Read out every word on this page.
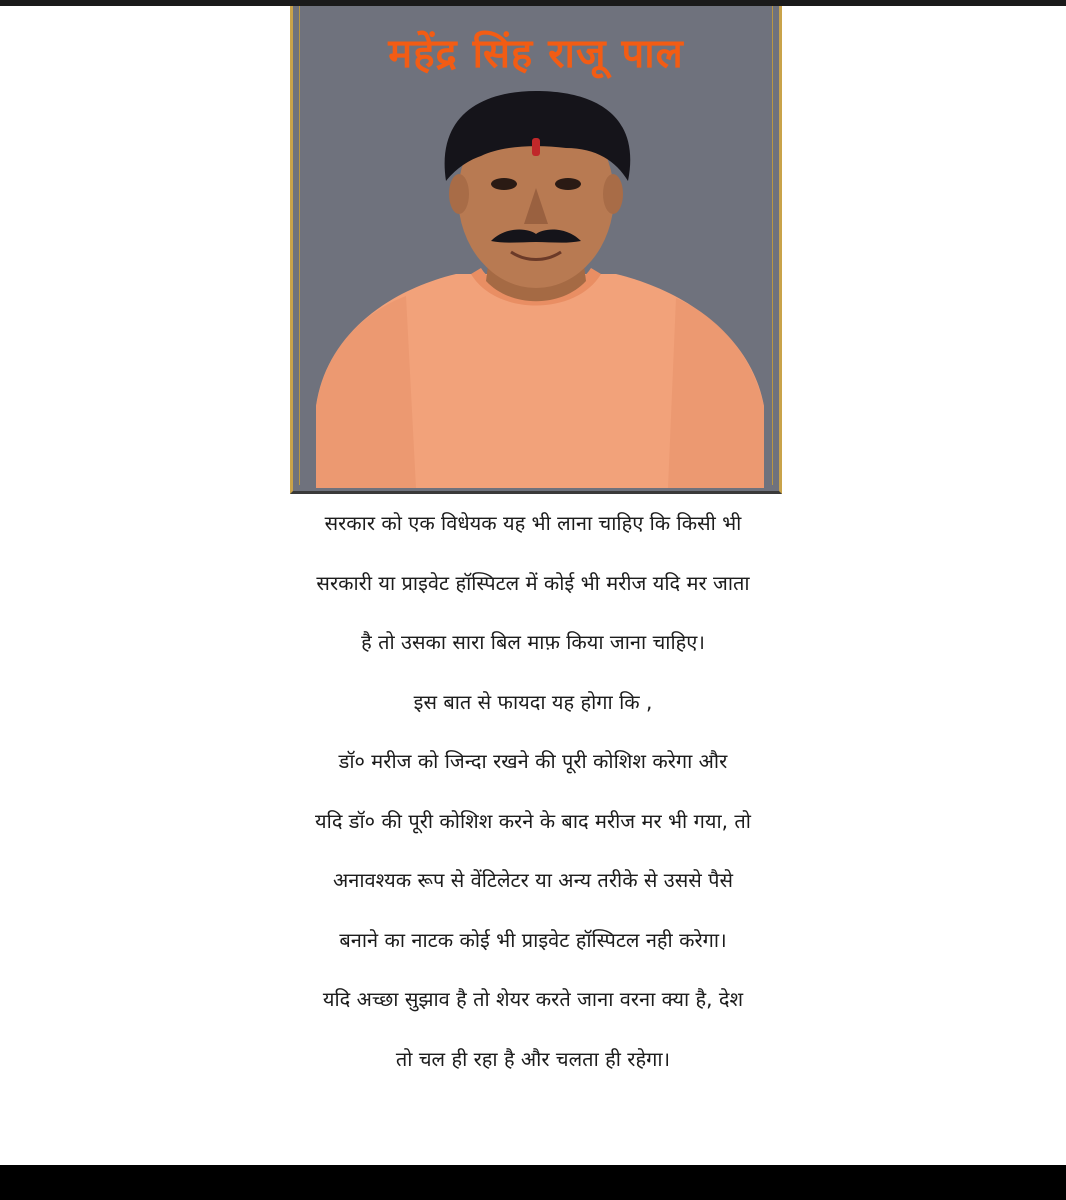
महेंद्र सिंह राजू पाल
सरकार को एक विधेयक यह भी लाना चाहिए कि किसी भी
सरकारी या प्राइवेट हॉस्पिटल में कोई भी मरीज यदि मर जाता
है तो उसका सारा बिल माफ़ किया जाना चाहिए।
इस बात से फायदा यह होगा कि ,
डॉ० मरीज को जिन्दा रखने की पूरी कोशिश करेगा और
यदि डॉ० की पूरी कोशिश करने के बाद मरीज मर भी गया, तो
अनावश्यक रूप से वेंटिलेटर या अन्य तरीके से उससे पैसे
बनाने का नाटक कोई भी प्राइवेट हॉस्पिटल नही करेगा।
यदि अच्छा सुझाव है तो शेयर करते जाना वरना क्या है, देश
तो चल ही रहा है और चलता ही रहेगा।
